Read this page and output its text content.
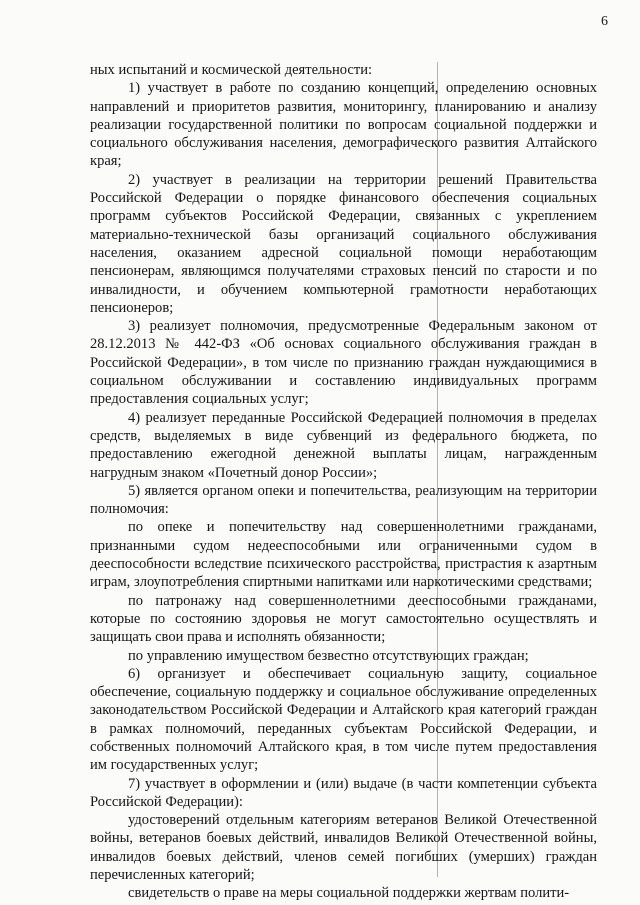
6

ных испытаний и космической деятельности:

1) участвует в работе по созданию концепций, определению основных направлений и приоритетов развития, мониторингу, планированию и анализу реализации государственной политики по вопросам социальной поддержки и социального обслуживания населения, демографического развития Алтайского края;

2) участвует в реализации на территории решений Правительства Российской Федерации о порядке финансового обеспечения социальных программ субъектов Российской Федерации, связанных с укреплением материально-технической базы организаций социального обслуживания населения, оказанием адресной социальной помощи неработающим пенсионерам, являющимся получателями страховых пенсий по старости и по инвалидности, и обучением компьютерной грамотности неработающих пенсионеров;

3) реализует полномочия, предусмотренные Федеральным законом от 28.12.2013 № 442-ФЗ «Об основах социального обслуживания граждан в Российской Федерации», в том числе по признанию граждан нуждающимися в социальном обслуживании и составлению индивидуальных программ предоставления социальных услуг;

4) реализует переданные Российской Федерацией полномочия в пределах средств, выделяемых в виде субвенций из федерального бюджета, по предоставлению ежегодной денежной выплаты лицам, награжденным нагрудным знаком «Почетный донор России»;

5) является органом опеки и попечительства, реализующим на территории полномочия:

по опеке и попечительству над совершеннолетними гражданами, признанными судом недееспособными или ограниченными судом в дееспособности вследствие психического расстройства, пристрастия к азартным играм, злоупотребления спиртными напитками или наркотическими средствами;

по патронажу над совершеннолетними дееспособными гражданами, которые по состоянию здоровья не могут самостоятельно осуществлять и защищать свои права и исполнять обязанности;

по управлению имуществом безвестно отсутствующих граждан;

6) организует и обеспечивает социальную защиту, социальное обеспечение, социальную поддержку и социальное обслуживание определенных законодательством Российской Федерации и Алтайского края категорий граждан в рамках полномочий, переданных субъектам Российской Федерации, и собственных полномочий Алтайского края, в том числе путем предоставления им государственных услуг;

7) участвует в оформлении и (или) выдаче (в части компетенции субъекта Российской Федерации):

удостоверений отдельным категориям ветеранов Великой Отечественной войны, ветеранов боевых действий, инвалидов Великой Отечественной войны, инвалидов боевых действий, членов семей погибших (умерших) граждан перечисленных категорий;

свидетельств о праве на меры социальной поддержки жертвам полити-
